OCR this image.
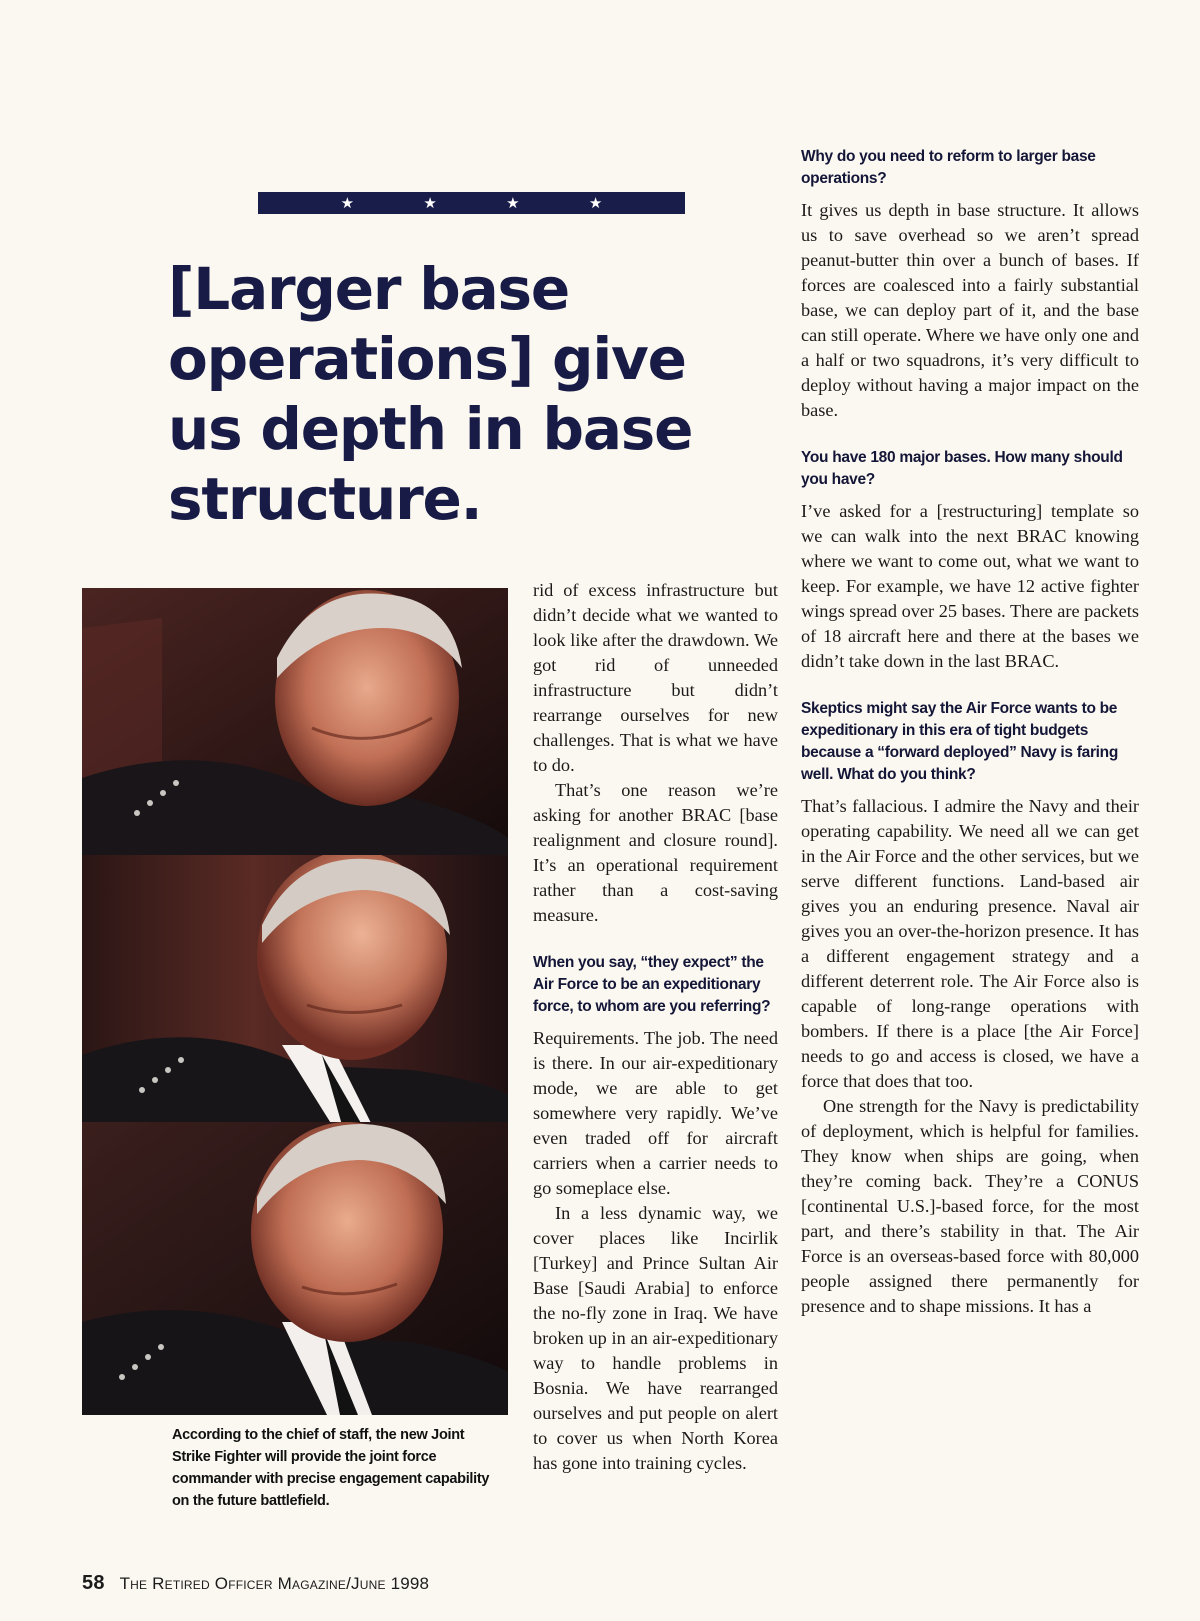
★	★	★	★
[Larger base operations] give us depth in base structure.

According to the chief of staff, the new Joint Strike Fighter will provide the joint force commander with precise engagement capability on the future battlefield.

rid of excess infrastructure but didn’t decide what we wanted to look like after the drawdown. We got rid of unneeded infrastructure but didn’t rearrange ourselves for new challenges. That is what we have to do.

That’s one reason we’re asking for another BRAC [base realignment and closure round]. It’s an operational requirement rather than a cost-saving measure.

When you say, “they expect” the Air Force to be an expeditionary force, to whom are you referring?

Requirements. The job. The need is there. In our air-expeditionary mode, we are able to get somewhere very rapidly. We’ve even traded off for aircraft carriers when a carrier needs to go someplace else.

In a less dynamic way, we cover places like Incirlik [Turkey] and Prince Sultan Air Base [Saudi Arabia] to enforce the no-fly zone in Iraq. We have broken up in an air-expeditionary way to handle problems in Bosnia. We have rearranged ourselves and put people on alert to cover us when North Korea has gone into training cycles.

Why do you need to reform to larger base operations?

It gives us depth in base structure. It allows us to save overhead so we aren’t spread peanut-butter thin over a bunch of bases. If forces are coalesced into a fairly substantial base, we can deploy part of it, and the base can still operate. Where we have only one and a half or two squadrons, it’s very difficult to deploy without having a major impact on the base.

You have 180 major bases. How many should you have?

I’ve asked for a [restructuring] template so we can walk into the next BRAC knowing where we want to come out, what we want to keep. For example, we have 12 active fighter wings spread over 25 bases. There are packets of 18 aircraft here and there at the bases we didn’t take down in the last BRAC.

Skeptics might say the Air Force wants to be expeditionary in this era of tight budgets because a “forward deployed” Navy is faring well. What do you think?

That’s fallacious. I admire the Navy and their operating capability. We need all we can get in the Air Force and the other services, but we serve different functions. Land-based air gives you an enduring presence. Naval air gives you an over-the-horizon presence. It has a different engagement strategy and a different deterrent role. The Air Force also is capable of long-range operations with bombers. If there is a place [the Air Force] needs to go and access is closed, we have a force that does that too.

One strength for the Navy is predictability of deployment, which is helpful for families. They know when ships are going, when they’re coming back. They’re a CONUS [continental U.S.]-based force, for the most part, and there’s stability in that. The Air Force is an overseas-based force with 80,000 people assigned there permanently for presence and to shape missions. It has a

58 The Retired Officer Magazine/June 1998
